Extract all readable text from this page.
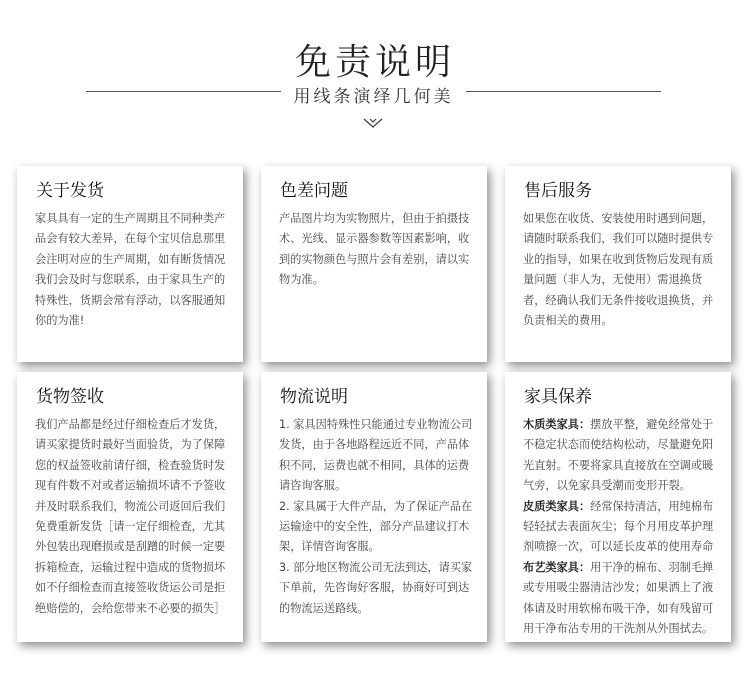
免责说明
用线条演绎几何美
关于发货

家具具有一定的生产周期且不同种类产品会有较大差异，在每个宝贝信息那里会注明对应的生产周期，如有断货情况我们会及时与您联系，由于家具生产的特殊性，货期会常有浮动，以客服通知你的为准!

色差问题

产品图片均为实物照片，但由于拍摄技术、光线、显示器参数等因素影响，收到的实物颜色与照片会有差别，请以实物为准。

售后服务

如果您在收货、安装使用时遇到问题，请随时联系我们，我们可以随时提供专业的指导，如果在收到货物后发现有质量问题（非人为，无使用）需退换货者，经确认我们无条件接收退换货，并负责相关的费用。

货物签收

我们产品都是经过仔细检查后才发货，请买家提货时最好当面验货，为了保障您的权益签收前请仔细，检查验货时发现有件数不对或者运输损坏请不予签收并及时联系我们，物流公司返回后我们免费重新发货［请一定仔细检查，尤其外包装出现磨损或是刮蹭的时候一定要拆箱检查，运输过程中造成的货物损坏如不仔细检查而直接签收货运公司是拒绝赔偿的，会给您带来不必要的损失］

物流说明

1. 家具因特殊性只能通过专业物流公司发货，由于各地路程远近不同，产品体积不同，运费也就不相同，具体的运费请咨询客服。

2. 家具属于大件产品，为了保证产品在运输途中的安全性，部分产品建议打木架，详情咨询客服。

3. 部分地区物流公司无法到达，请买家下单前，先咨询好客服，协商好可到达的物流运送路线。

家具保养

木质类家具：摆放平整，避免经常处于不稳定状态而使结构松动，尽量避免阳光直射。不要将家具直接放在空调或暖气旁，以免家具受潮而变形开裂。

皮质类家具：经常保持清洁，用纯棉布轻轻拭去表面灰尘；每个月用皮革护理剂喷擦一次，可以延长皮革的使用寿命

布艺类家具：用干净的棉布、羽制毛掸或专用吸尘器清洁沙发；如果洒上了液体请及时用软棉布吸干净，如有残留可用干净布沾专用的干洗剂从外围拭去。
